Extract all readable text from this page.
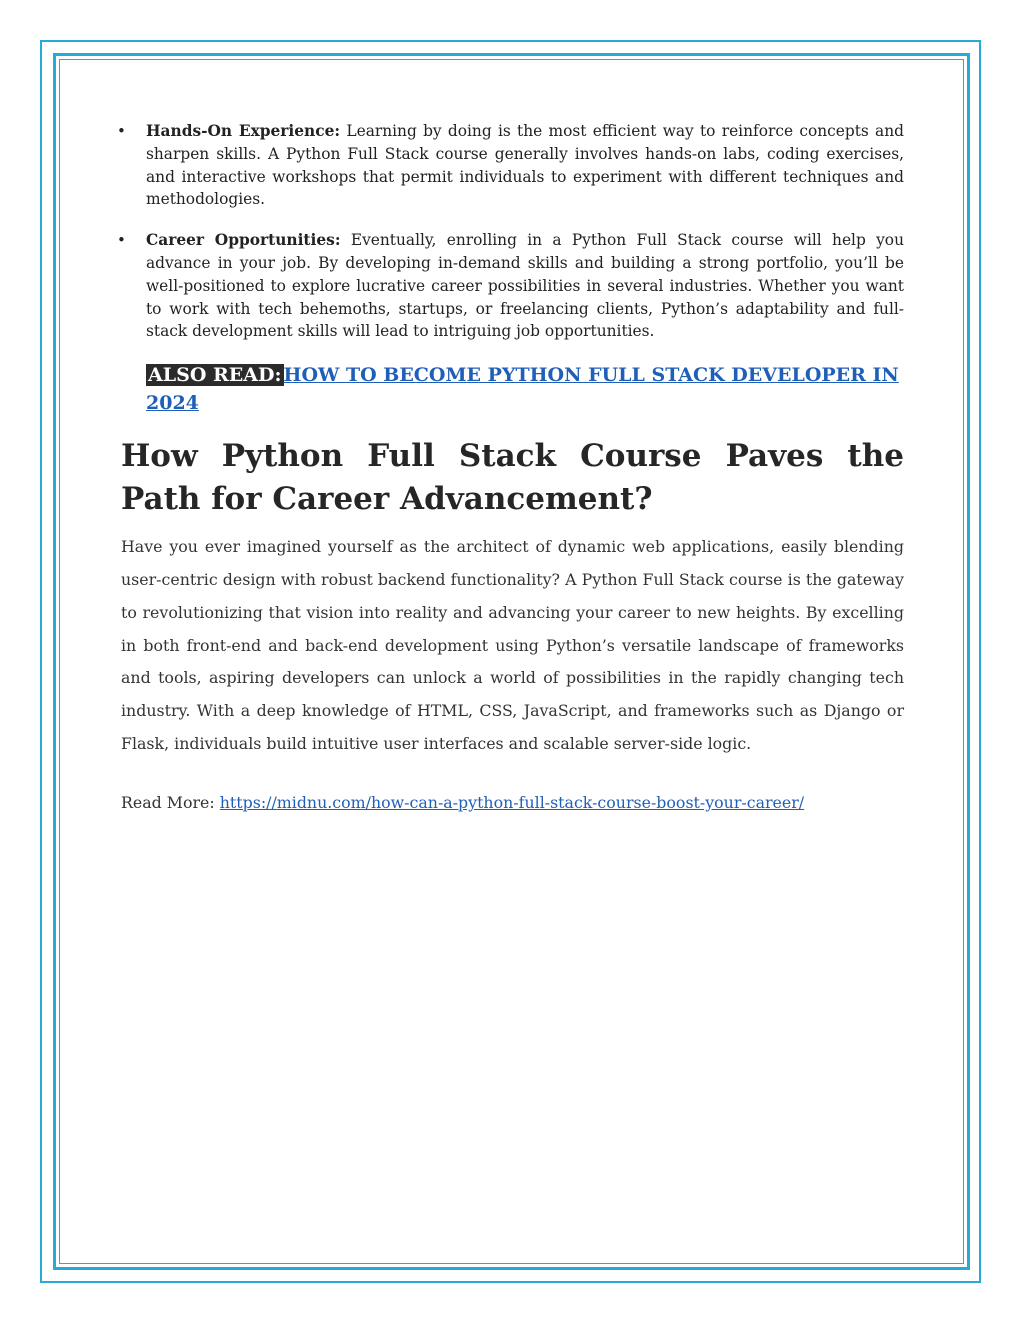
• Hands-On Experience: Learning by doing is the most efficient way to reinforce concepts and sharpen skills. A Python Full Stack course generally involves hands-on labs, coding exercises, and interactive workshops that permit individuals to experiment with different techniques and methodologies.
• Career Opportunities: Eventually, enrolling in a Python Full Stack course will help you advance in your job. By developing in-demand skills and building a strong portfolio, you’ll be well-positioned to explore lucrative career possibilities in several industries. Whether you want to work with tech behemoths, startups, or freelancing clients, Python’s adaptability and full-stack development skills will lead to intriguing job opportunities.
ALSO READ: HOW TO BECOME PYTHON FULL STACK DEVELOPER IN 2024
How Python Full Stack Course Paves the Path for Career Advancement?

Have you ever imagined yourself as the architect of dynamic web applications, easily blending user-centric design with robust backend functionality? A Python Full Stack course is the gateway to revolutionizing that vision into reality and advancing your career to new heights. By excelling in both front-end and back-end development using Python’s versatile landscape of frameworks and tools, aspiring developers can unlock a world of possibilities in the rapidly changing tech industry. With a deep knowledge of HTML, CSS, JavaScript, and frameworks such as Django or Flask, individuals build intuitive user interfaces and scalable server-side logic.

Read More: https://midnu.com/how-can-a-python-full-stack-course-boost-your-career/
